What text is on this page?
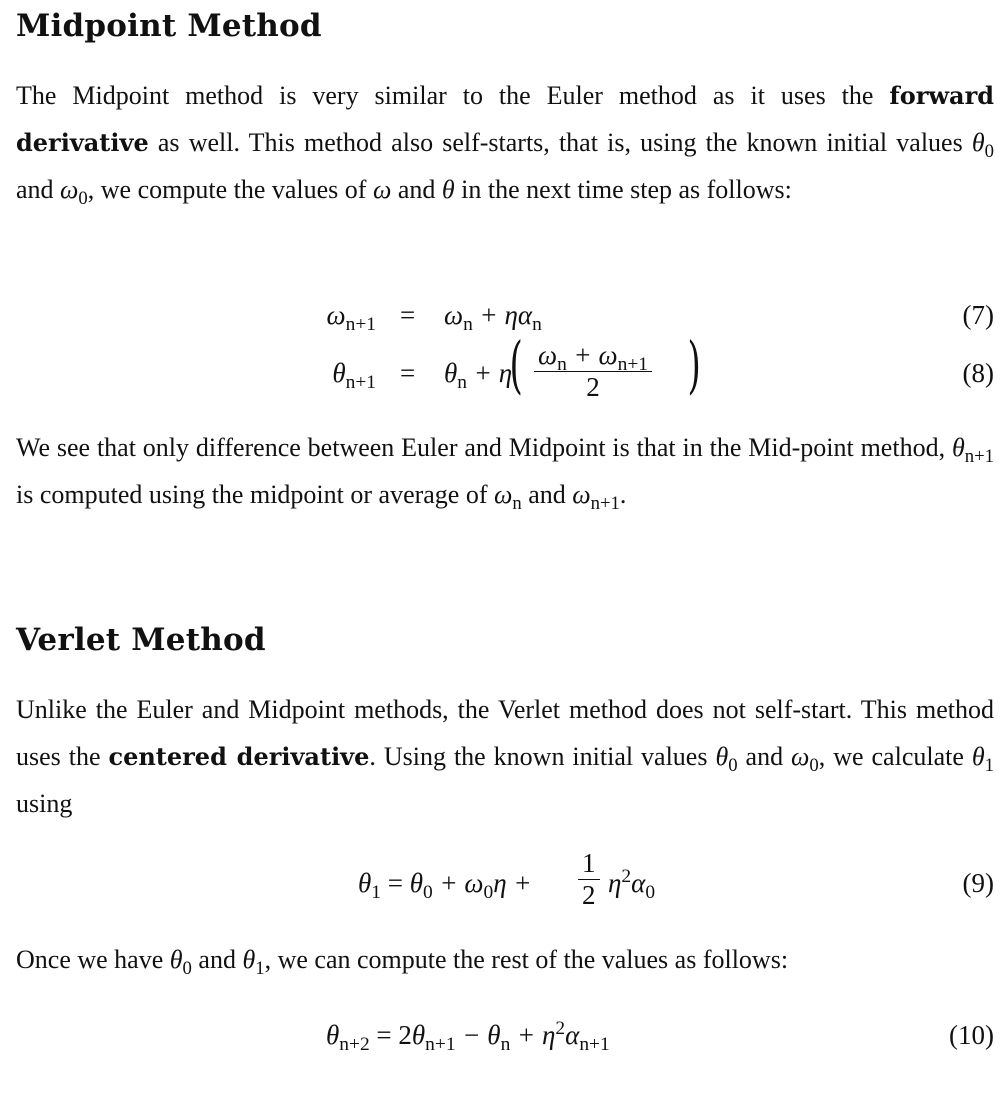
Midpoint Method

The Midpoint method is very similar to the Euler method as it uses the forward derivative as well. This method also self-starts, that is, using the known initial values $\theta_0$ and $\omega_0$, we compute the values of ω and θ in the next time step as follows:

$\omega_{n+1} = \omega_n + \eta\alpha_n$	(7)
$\theta_{n+1} = \theta_n + \eta$
( $\frac{\omega_n + \omega_{n+1}}{2}$ )	(8)

We see that only difference between Euler and Midpoint is that in the Mid-point method, $\theta_{n+1}$ is computed using the midpoint or average of $\omega_n$ and $\omega_{n+1}$.

Verlet Method

Unlike the Euler and Midpoint methods, the Verlet method does not self-start. This method uses the centered derivative. Using the known initial values $\theta_0$ and $\omega_0$, we calculate $\theta_1$ using

$\theta_1 = \theta_0 + \omega_0\eta + \frac{1}{2} \eta^2\alpha_0$	(9)

Once we have $\theta_0$ and $\theta_1$, we can compute the rest of the values as follows:

$\theta_{n+2} = 2\theta_{n+1} - \theta_n + \eta^2\alpha_{n+1}$	(10)
